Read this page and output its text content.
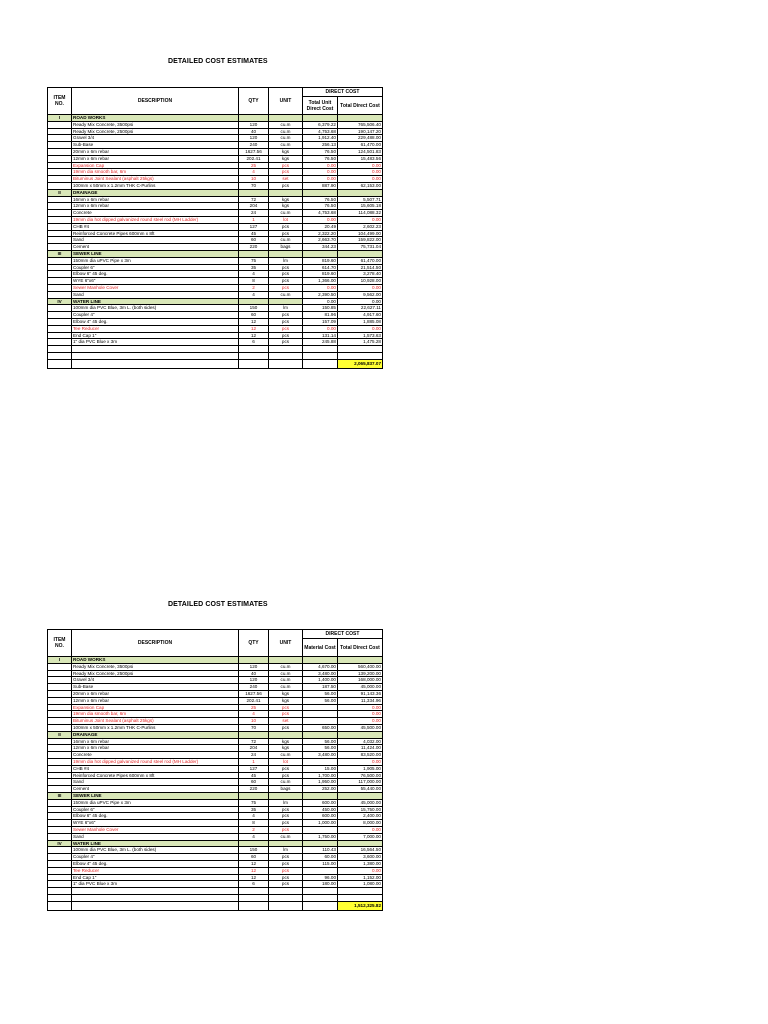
DETAILED COST ESTIMATES
ITEM NO.	DESCRIPTION	QTY	UNIT	DIRECT COST	
				Total Unit Direct Cost	Total Direct Cost
I	ROAD WORKS				
	Ready Mix Concrete, 3500psi	120	cu.m	6,379.22	765,506.40
	Ready Mix Concrete, 2500psi	40	cu.m	4,753.68	190,147.20
	Gravel 3/4	120	cu.m	1,912.40	229,488.00
	Sub-Base	240	cu.m	256.13	61,470.00
	20mm x 6m rebar	1627.56	kgs	76.50	124,501.83
	12mm x 6m rebar	202.41	kgs	76.50	15,483.56
	Expansion Cap	25	pcs	0.00	0.00
	19mm dia smooth bar, 6m	4	pcs	0.00	0.00
	Bituminus Joint Sealant (asphalt 25kgs)	10	set	0.00	0.00
	100mm x 50mm x 1.2mm THK C-Purlins	70	pcs	887.90	62,153.00
II	DRAINAGE				
	16mm x 6m rebar	72	kgs	76.50	5,507.71
	12mm x 6m rebar	204	kgs	76.50	15,605.18
	Concrete	24	cu.m	4,753.68	114,088.32
	19mm dia hot dipped galvanized round steel rod (MH Ladder)	1	lot	0.00	0.00
	CHB #4	127	pcs	20.49	2,602.23
	Reinforced Concrete Pipes 600mm x 8ft	45	pcs	2,322.20	104,499.00
	Sand	60	cu.m	2,663.70	159,822.00
	Cement	220	bags	344.23	75,731.04
III	SEWER LINE				
	150mm dia uPVC Pipe x 3m	75	lm	819.60	61,470.00
	Coupler 6"	35	pcs	614.70	21,514.50
	Elbow 6" 45 deg.	4	pcs	819.60	3,278.40
	WYE 6"x6"	8	pcs	1,366.00	10,928.00
	Sewer Manhole Cover	2	pcs	0.00	0.00
	Sand	4	cu.m	2,390.50	9,562.00
IV	WATER LINE			0.00	0.00
	100mm dia PVC Blue, 3m L. (both sides)	150	lm	150.85	22,627.11
	Coupler 4"	60	pcs	81.96	4,917.60
	Elbow 4" 45 deg.	12	pcs	157.09	1,885.08
	Tee Reducer	12	pcs	0.00	0.00
	End Cap 1"	12	pcs	131.14	1,573.63
	1" dia PVC Blue x 3m	6	pcs	245.88	1,475.28

					2,065,837.07
DETAILED COST ESTIMATES
ITEM NO.	DESCRIPTION	QTY	UNIT	DIRECT COST	
				Material Cost	Total Direct Cost
I	ROAD WORKS				
	Ready Mix Concrete, 3500psi	120	cu.m	4,670.00	560,400.00
	Ready Mix Concrete, 2500psi	40	cu.m	3,480.00	139,200.00
	Gravel 3/4	120	cu.m	1,400.00	168,000.00
	Sub-Base	240	cu.m	187.50	45,000.00
	20mm x 6m rebar	1627.56	kgs	56.00	91,143.36
	12mm x 6m rebar	202.41	kgs	56.00	11,334.96
	Expansion Cap	25	pcs		0.00
	19mm dia smooth bar, 6m	4	pcs		0.00
	Bituminus Joint Sealant (asphalt 25kgs)	10	set		0.00
	100mm x 50mm x 1.2mm THK C-Purlins	70	pcs	650.00	45,500.00
II	DRAINAGE				
	16mm x 6m rebar	72	kgs	56.00	4,032.00
	12mm x 6m rebar	204	kgs	56.00	11,424.00
	Concrete	24	cu.m	3,480.00	83,520.00
	19mm dia hot dipped galvanized round steel rod (MH Ladder)	1	lot		0.00
	CHB #4	127	pcs	15.00	1,905.00
	Reinforced Concrete Pipes 600mm x 8ft	45	pcs	1,700.00	76,500.00
	Sand	60	cu.m	1,950.00	117,000.00
	Cement	220	bags	252.00	55,440.00
III	SEWER LINE				
	150mm dia uPVC Pipe x 3m	75	lm	600.00	45,000.00
	Coupler 6"	35	pcs	450.00	15,750.00
	Elbow 6" 45 deg.	4	pcs	600.00	2,400.00
	WYE 6"x6"	8	pcs	1,000.00	8,000.00
	Sewer Manhole Cover	2	pcs		0.00
	Sand	4	cu.m	1,750.00	7,000.00
IV	WATER LINE				
	100mm dia PVC Blue, 3m L. (both sides)	150	lm	110.43	16,564.50
	Coupler 4"	60	pcs	60.00	3,600.00
	Elbow 4" 45 deg.	12	pcs	115.00	1,380.00
	Tee Reducer	12	pcs		0.00
	End Cap 1"	12	pcs	96.00	1,152.00
	1" dia PVC Blue x 3m	6	pcs	180.00	1,080.00

					1,512,325.82
